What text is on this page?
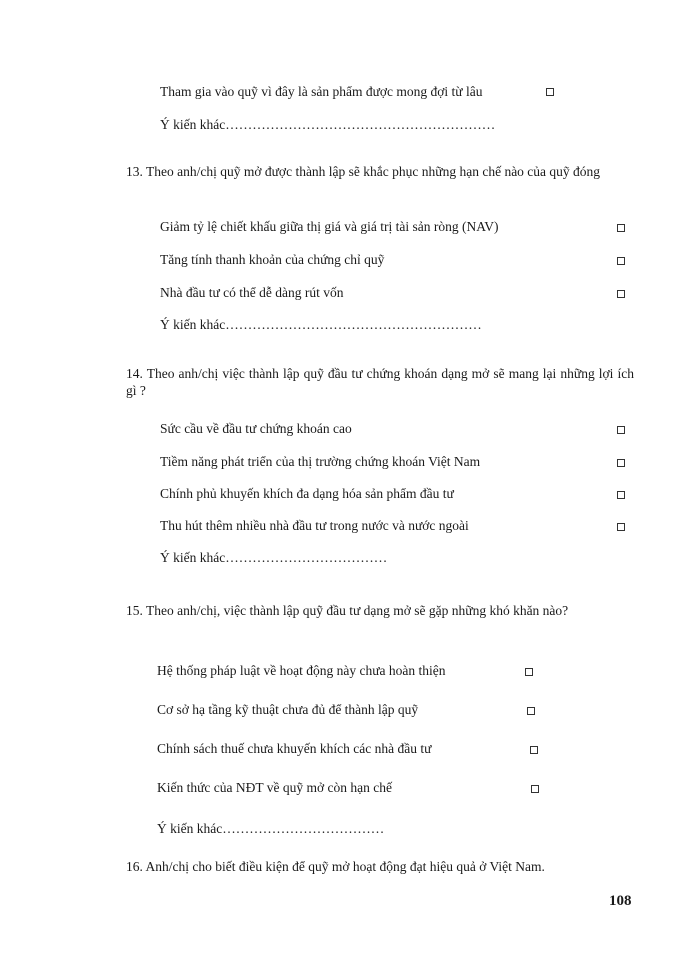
Tham gia vào quỹ vì đây là sản phẩm được mong đợi từ lâu
Ý kiến khác……………………………………………………
13. Theo anh/chị quỹ mở được thành lập sẽ khắc phục những hạn chế nào của quỹ đóng
Giảm tỷ lệ chiết khấu giữa thị giá và giá trị tài sản ròng (NAV)
Tăng tính thanh khoản của chứng chỉ quỹ
Nhà đầu tư có thể dễ dàng rút vốn
Ý kiến khác…………………………………………………
14. Theo anh/chị việc thành lập quỹ đầu tư chứng khoán dạng mở sẽ mang lại những lợi ích gì ?
Sức cầu về đầu tư chứng khoán cao
Tiềm năng phát triển của thị trường chứng khoán Việt Nam
Chính phủ khuyến khích đa dạng hóa sản phẩm đầu tư
Thu hút thêm nhiều nhà đầu tư trong nước và nước ngoài
Ý kiến khác………………………………
15. Theo anh/chị, việc thành lập quỹ đầu tư dạng mở sẽ gặp những khó khăn nào?
Hệ thống pháp luật về hoạt động này chưa hoàn thiện
Cơ sở hạ tầng kỹ thuật chưa đủ để thành lập quỹ
Chính sách thuế chưa khuyến khích các nhà đầu tư
Kiến thức của NĐT về quỹ mở còn hạn chế
Ý kiến khác………………………………
16. Anh/chị cho biết điều kiện để quỹ mở hoạt động đạt hiệu quả ở Việt Nam.
108
